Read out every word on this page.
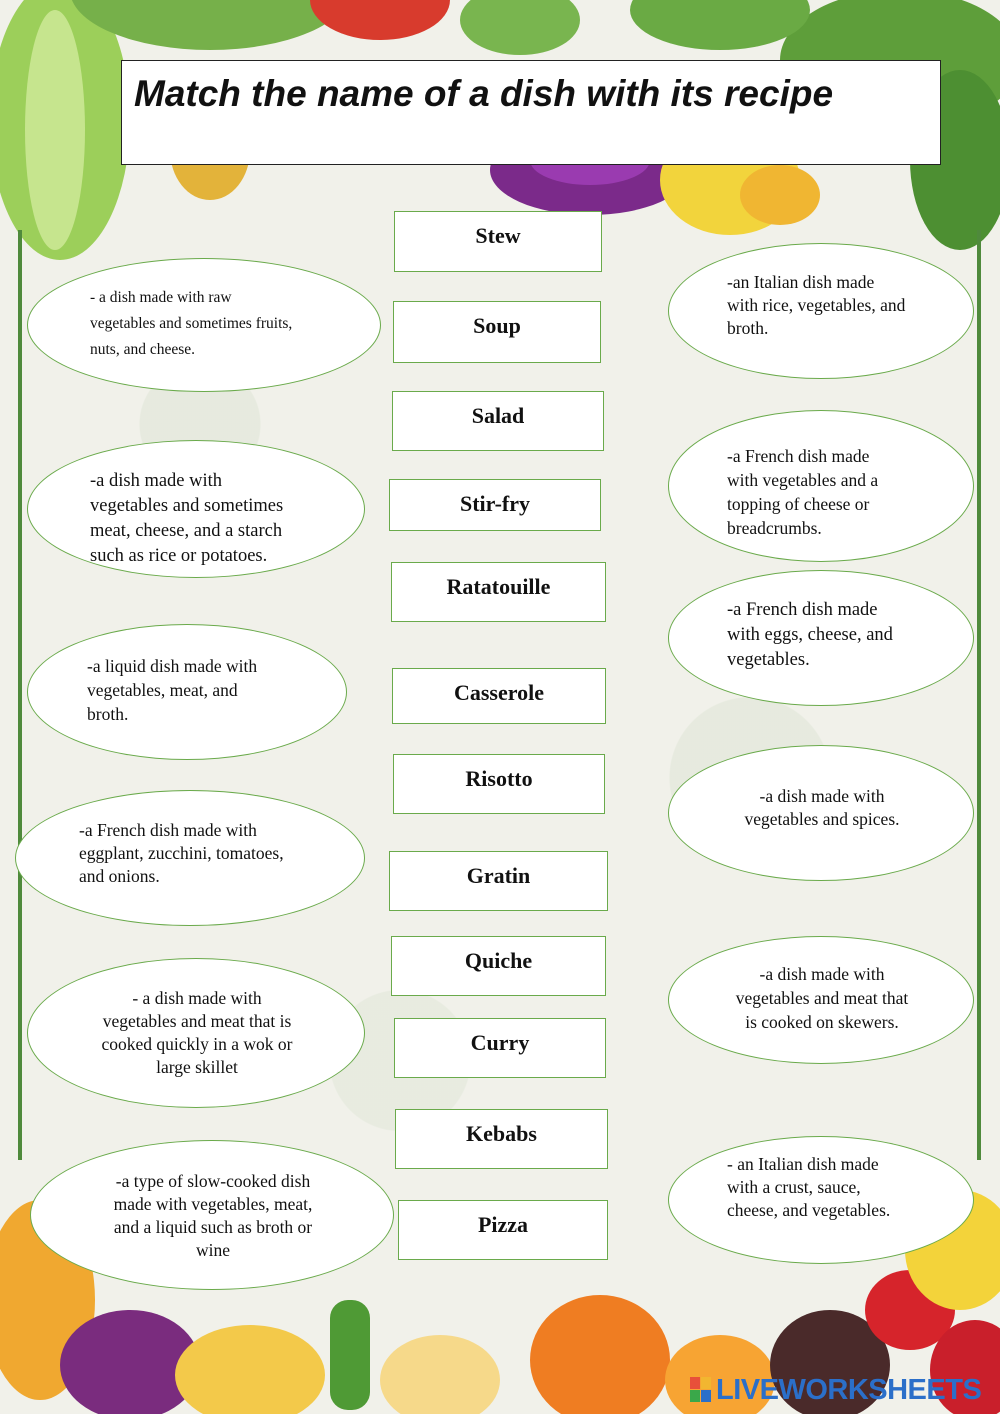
Match the name of a dish with its recipe
Stew
Soup
Salad
Stir-fry
Ratatouille
Casserole
Risotto
Gratin
Quiche
Curry
Kebabs
Pizza
- a dish made with raw
vegetables and sometimes fruits,
nuts, and cheese.
-a dish made with
vegetables and sometimes
meat, cheese, and a starch
such as rice or potatoes.
-a liquid dish made with
vegetables, meat, and
broth.
-a French dish made with
eggplant, zucchini, tomatoes,
and onions.
- a dish made with
vegetables and meat that is
cooked quickly in a wok or
large skillet
-a type of slow-cooked dish
made with vegetables, meat,
and a liquid such as broth or
wine
-an Italian dish made
with rice, vegetables, and
broth.
-a French dish made
with vegetables and a
topping of cheese or
breadcrumbs.
-a French dish made
with eggs, cheese, and
vegetables.
-a dish made with
vegetables and spices.
-a dish made with
vegetables and meat that
is cooked on skewers.
- an Italian dish made
with a crust, sauce,
cheese, and vegetables.
LIVEWORKSHEETS
